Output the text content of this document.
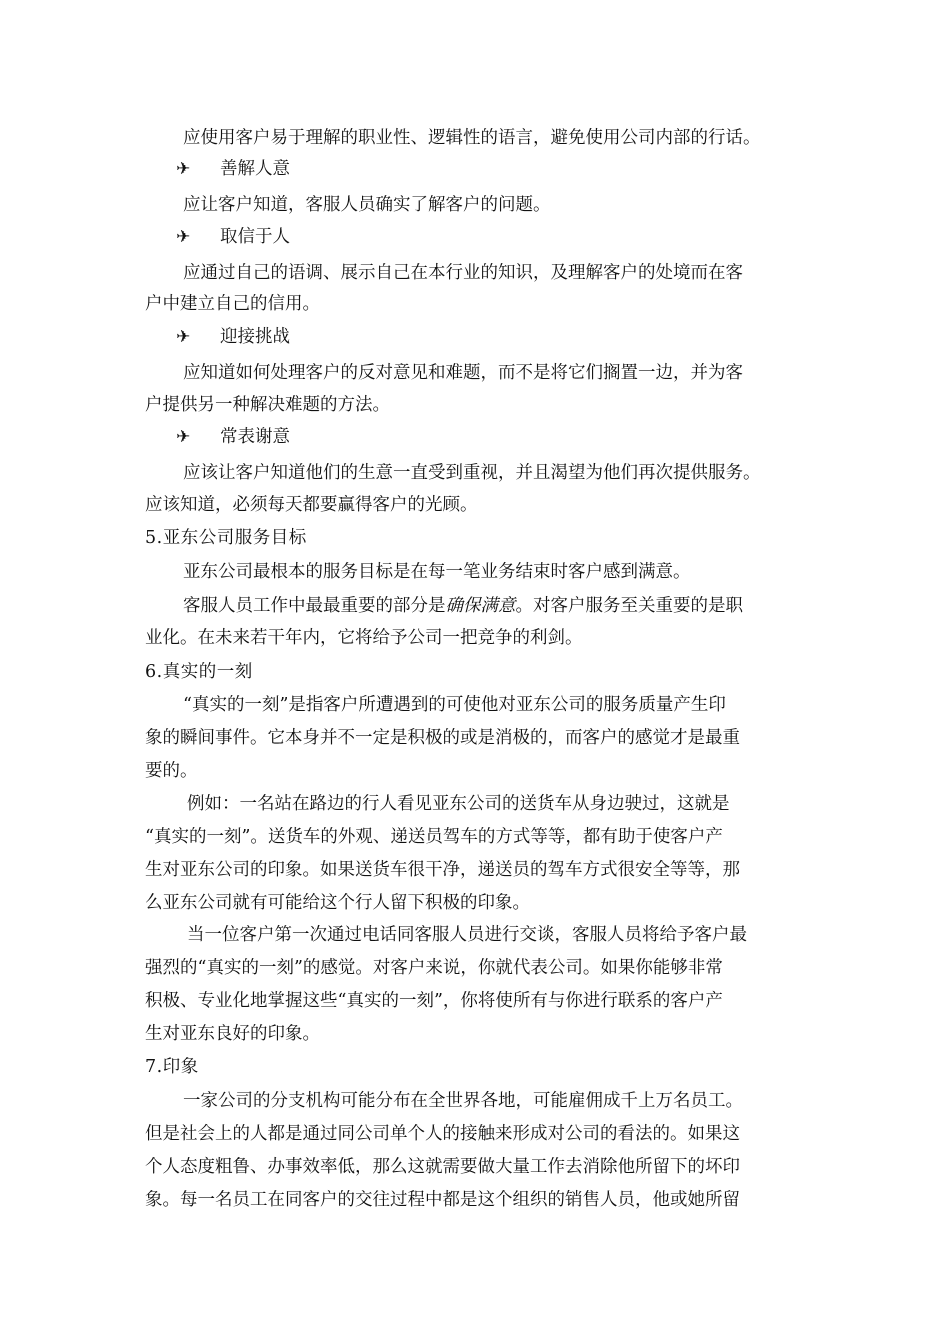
应使用客户易于理解的职业性、逻辑性的语言，避免使用公司内部的行话。
✈ 善解人意
应让客户知道，客服人员确实了解客户的问题。
✈ 取信于人
应通过自己的语调、展示自己在本行业的知识，及理解客户的处境而在客
户中建立自己的信用。
✈ 迎接挑战
应知道如何处理客户的反对意见和难题，而不是将它们搁置一边，并为客
户提供另一种解决难题的方法。
✈ 常表谢意
应该让客户知道他们的生意一直受到重视，并且渴望为他们再次提供服务。
应该知道，必须每天都要赢得客户的光顾。
5.亚东公司服务目标
亚东公司最根本的服务目标是在每一笔业务结束时客户感到满意。
客服人员工作中最最重要的部分是确保满意。对客户服务至关重要的是职
业化。在未来若干年内，它将给予公司一把竞争的利剑。
6.真实的一刻
“真实的一刻”是指客户所遭遇到的可使他对亚东公司的服务质量产生印
象的瞬间事件。它本身并不一定是积极的或是消极的，而客户的感觉才是最重
要的。
例如：一名站在路边的行人看见亚东公司的送货车从身边驶过，这就是
“真实的一刻”。送货车的外观、递送员驾车的方式等等，都有助于使客户产
生对亚东公司的印象。如果送货车很干净，递送员的驾车方式很安全等等，那
么亚东公司就有可能给这个行人留下积极的印象。
当一位客户第一次通过电话同客服人员进行交谈，客服人员将给予客户最
强烈的“真实的一刻”的感觉。对客户来说，你就代表公司。如果你能够非常
积极、专业化地掌握这些“真实的一刻”，你将使所有与你进行联系的客户产
生对亚东良好的印象。
7.印象
一家公司的分支机构可能分布在全世界各地，可能雇佣成千上万名员工。
但是社会上的人都是通过同公司单个人的接触来形成对公司的看法的。如果这
个人态度粗鲁、办事效率低，那么这就需要做大量工作去消除他所留下的坏印
象。每一名员工在同客户的交往过程中都是这个组织的销售人员，他或她所留
